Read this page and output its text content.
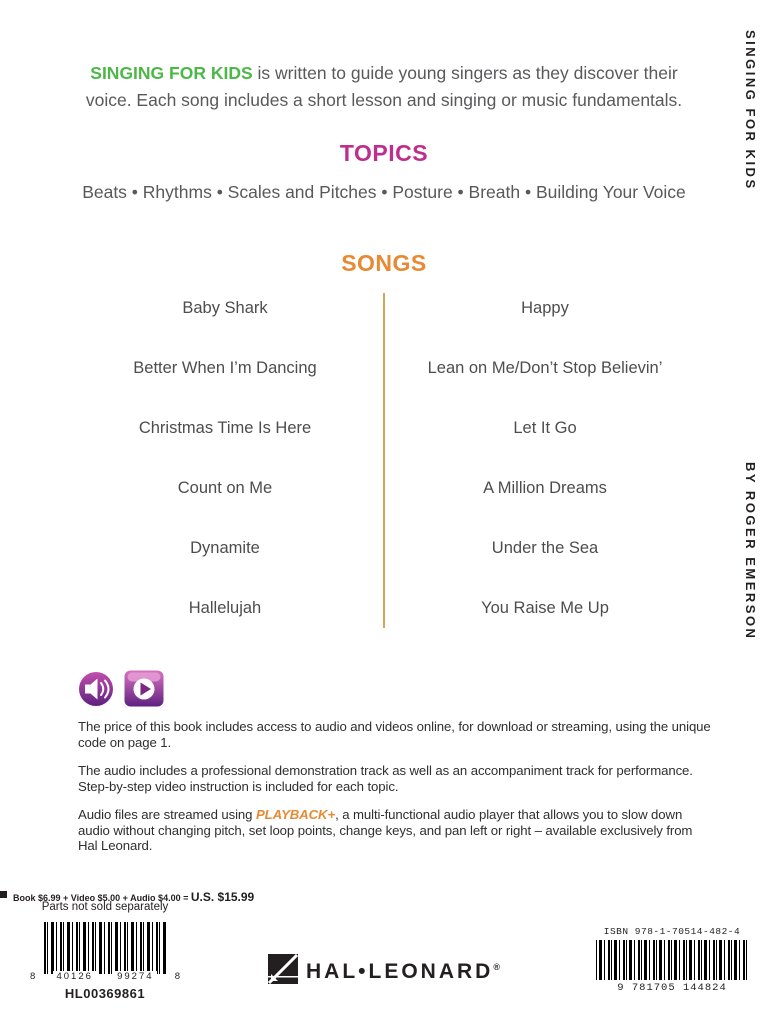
SINGING FOR KIDS is written to guide young singers as they discover their voice. Each song includes a short lesson and singing or music fundamentals.
TOPICS
Beats • Rhythms • Scales and Pitches • Posture • Breath • Building Your Voice
SONGS
Baby Shark
Better When I’m Dancing
Christmas Time Is Here
Count on Me
Dynamite
Hallelujah
Happy
Lean on Me/Don’t Stop Believin’
Let It Go
A Million Dreams
Under the Sea
You Raise Me Up

The price of this book includes access to audio and videos online, for download or streaming, using the unique code on page 1.

The audio includes a professional demonstration track as well as an accompaniment track for performance. Step-by-step video instruction is included for each topic.

Audio files are streamed using PLAYBACK+, a multi-functional audio player that allows you to slow down audio without changing pitch, set loop points, change keys, and pan left or right – available exclusively from Hal Leonard.

Book $6.99 + Video $5.00 + Audio $4.00 = U.S. $15.99
Parts not sold separately
8	40126	99274	8
HL00369861
HAL•LEONARD®
ISBN 978-1-70514-482-4
9 781705 144824
SINGING FOR KIDS
BY ROGER EMERSON
